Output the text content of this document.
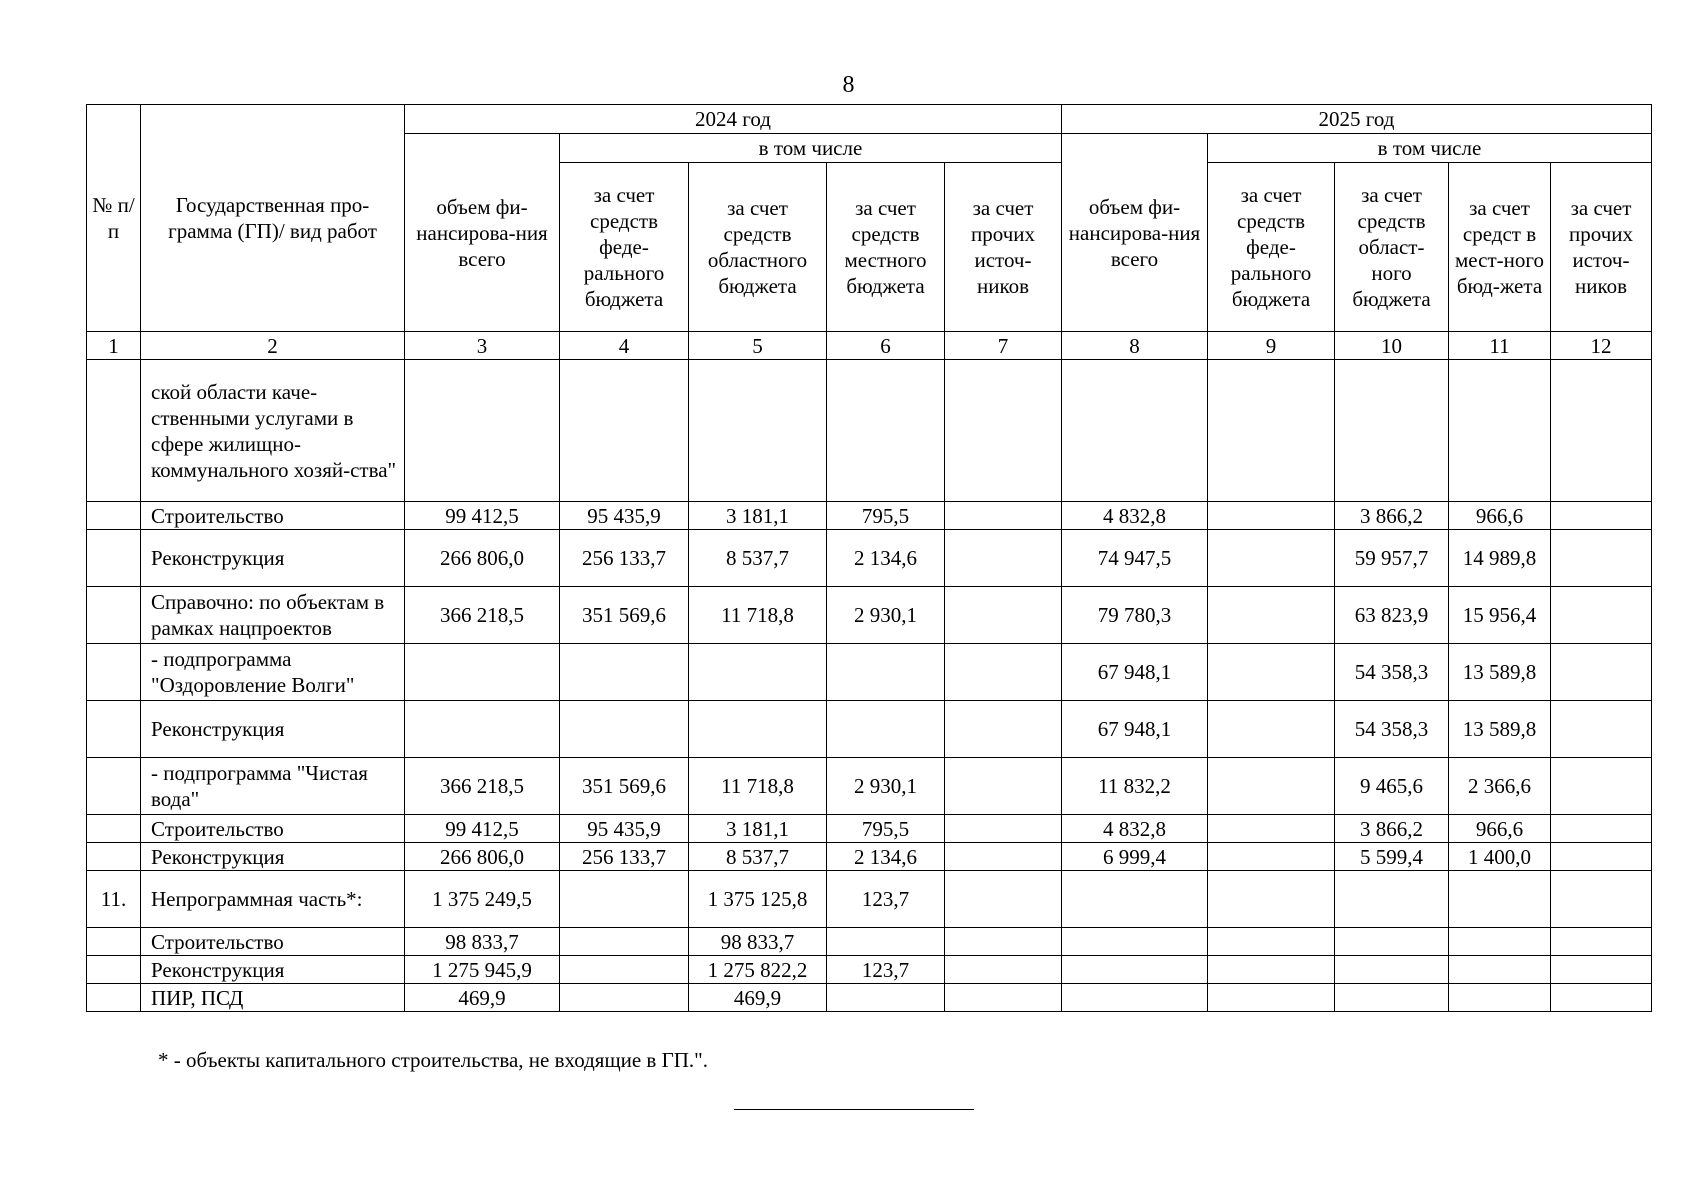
8
№ п/ п	Государственная про-грамма (ГП)/ вид работ	2024 год					2025 год				
		объем фи-нансирова-ния всего	в том числе				объем фи-нансирова-ния всего	в том числе			
			за счет средств феде-рального бюджета	за счет средств областного бюджета	за счет средств местного бюджета	за счет прочих источ-ников		за счет средств феде-рального бюджета	за счет средств област-ного бюджета	за счет средст в мест-ного бюд-жета	за счет прочих источ-ников
1	2	3	4	5	6	7	8	9	10	11	12
	ской области каче-ственными услугами в сфере жилищно-коммунального хозяй-ства"										
	Строительство	99 412,5	95 435,9	3 181,1	795,5		4 832,8		3 866,2	966,6	
	Реконструкция	266 806,0	256 133,7	8 537,7	2 134,6		74 947,5		59 957,7	14 989,8	
	Справочно: по объектам в рамках нацпроектов	366 218,5	351 569,6	11 718,8	2 930,1		79 780,3		63 823,9	15 956,4	
	- подпрограмма "Оздоровление Волги"						67 948,1		54 358,3	13 589,8	
	Реконструкция						67 948,1		54 358,3	13 589,8	
	- подпрограмма "Чистая вода"	366 218,5	351 569,6	11 718,8	2 930,1		11 832,2		9 465,6	2 366,6	
	Строительство	99 412,5	95 435,9	3 181,1	795,5		4 832,8		3 866,2	966,6	
	Реконструкция	266 806,0	256 133,7	8 537,7	2 134,6		6 999,4		5 599,4	1 400,0	
11.	Непрограммная часть*:	1 375 249,5		1 375 125,8	123,7						
	Строительство	98 833,7		98 833,7							
	Реконструкция	1 275 945,9		1 275 822,2	123,7						
	ПИР, ПСД	469,9		469,9							
* - объекты капитального строительства, не входящие в ГП.".
